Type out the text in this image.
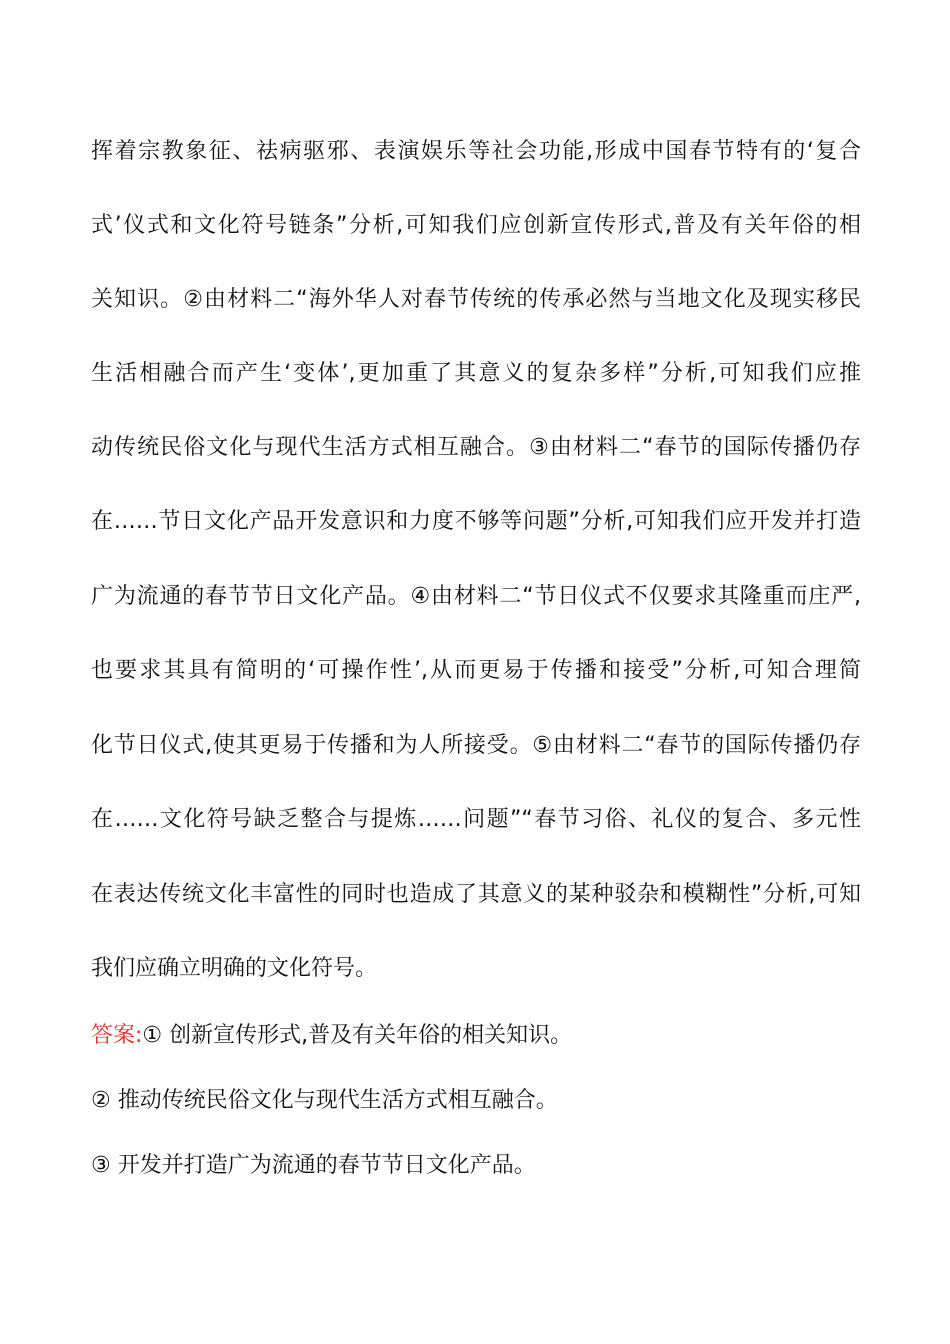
挥着宗教象征、祛病驱邪、表演娱乐等社会功能,形成中国春节特有的‘复合
式’仪式和文化符号链条”分析,可知我们应创新宣传形式,普及有关年俗的相
关知识。②由材料二“海外华人对春节传统的传承必然与当地文化及现实移民
生活相融合而产生‘变体’,更加重了其意义的复杂多样”分析,可知我们应推
动传统民俗文化与现代生活方式相互融合。③由材料二“春节的国际传播仍存
在……节日文化产品开发意识和力度不够等问题”分析,可知我们应开发并打造
广为流通的春节节日文化产品。④由材料二“节日仪式不仅要求其隆重而庄严,
也要求其具有简明的‘可操作性’,从而更易于传播和接受”分析,可知合理简
化节日仪式,使其更易于传播和为人所接受。⑤由材料二“春节的国际传播仍存
在……文化符号缺乏整合与提炼……问题”“春节习俗、礼仪的复合、多元性
在表达传统文化丰富性的同时也造成了其意义的某种驳杂和模糊性”分析,可知
我们应确立明确的文化符号。
答案:① 创新宣传形式,普及有关年俗的相关知识。
② 推动传统民俗文化与现代生活方式相互融合。
③ 开发并打造广为流通的春节节日文化产品。
